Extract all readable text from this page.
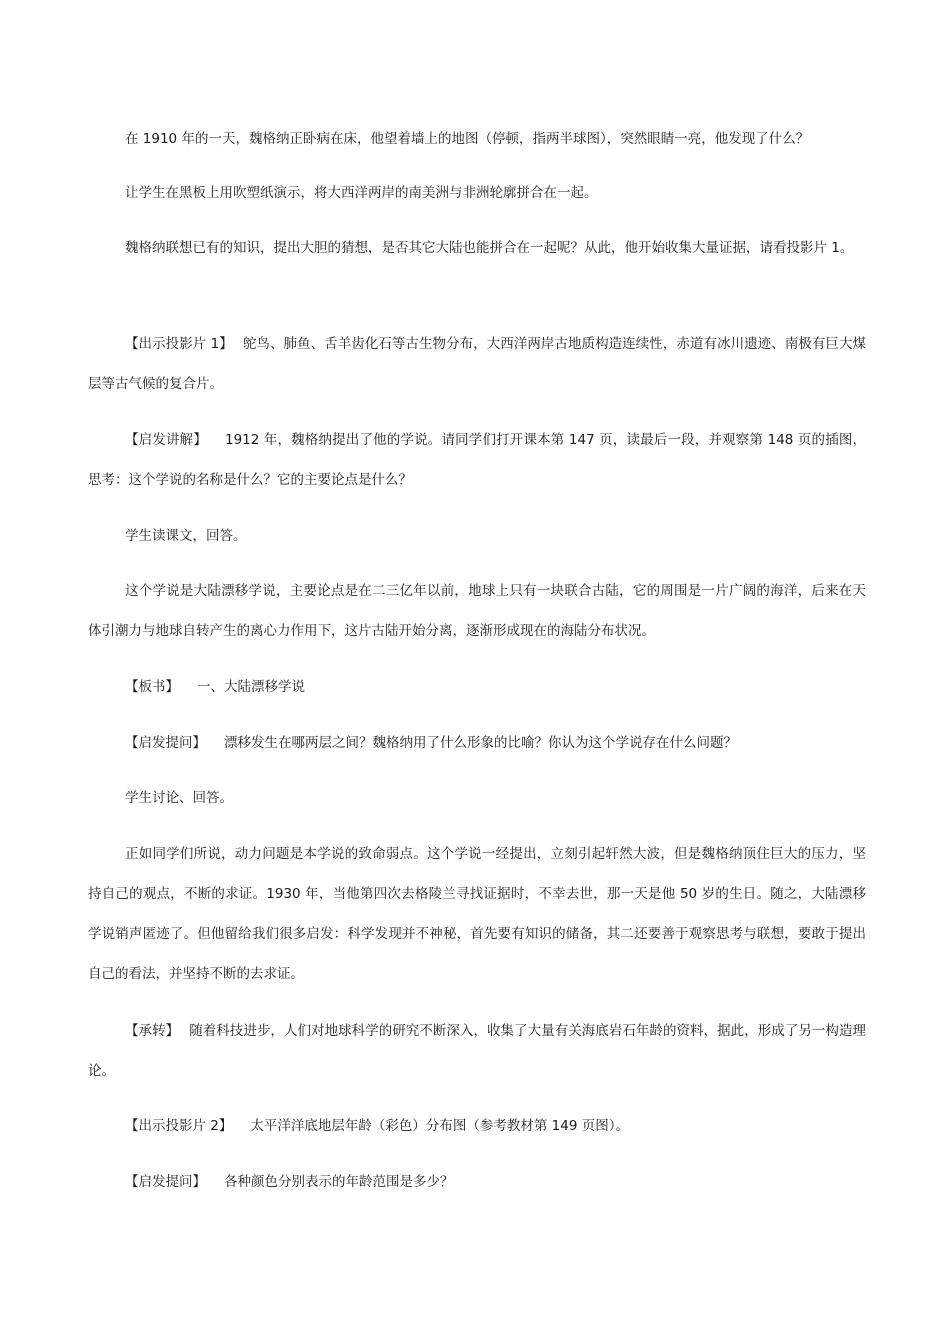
在 1910 年的一天，魏格纳正卧病在床，他望着墙上的地图（停顿，指两半球图），突然眼睛一亮，他发现了什么？
让学生在黑板上用吹塑纸演示，将大西洋两岸的南美洲与非洲轮廓拼合在一起。
魏格纳联想已有的知识，提出大胆的猜想，是否其它大陆也能拼合在一起呢？从此，他开始收集大量证据，请看投影片 1。
【出示投影片 1】 鸵鸟、肺鱼、舌羊齿化石等古生物分布，大西洋两岸古地质构造连续性，赤道有冰川遗迹、南极有巨大煤层等古气候的复合片。
【启发讲解】 1912 年，魏格纳提出了他的学说。请同学们打开课本第 147 页，读最后一段，并观察第 148 页的插图，思考：这个学说的名称是什么？它的主要论点是什么？
学生读课文，回答。
这个学说是大陆漂移学说，主要论点是在二三亿年以前，地球上只有一块联合古陆，它的周围是一片广阔的海洋，后来在天体引潮力与地球自转产生的离心力作用下，这片古陆开始分离，逐渐形成现在的海陆分布状况。
【板书】 一、大陆漂移学说
【启发提问】 漂移发生在哪两层之间？魏格纳用了什么形象的比喻？你认为这个学说存在什么问题？
学生讨论、回答。
正如同学们所说，动力问题是本学说的致命弱点。这个学说一经提出，立刻引起轩然大波，但是魏格纳顶住巨大的压力，坚持自己的观点，不断的求证。1930 年，当他第四次去格陵兰寻找证据时，不幸去世，那一天是他 50 岁的生日。随之，大陆漂移学说销声匿迹了。但他留给我们很多启发：科学发现并不神秘，首先要有知识的储备，其二还要善于观察思考与联想，要敢于提出自己的看法，并坚持不断的去求证。
【承转】 随着科技进步，人们对地球科学的研究不断深入，收集了大量有关海底岩石年龄的资料，据此，形成了另一构造理论。
【出示投影片 2】 太平洋洋底地层年龄（彩色）分布图（参考教材第 149 页图）。
【启发提问】 各种颜色分别表示的年龄范围是多少？
